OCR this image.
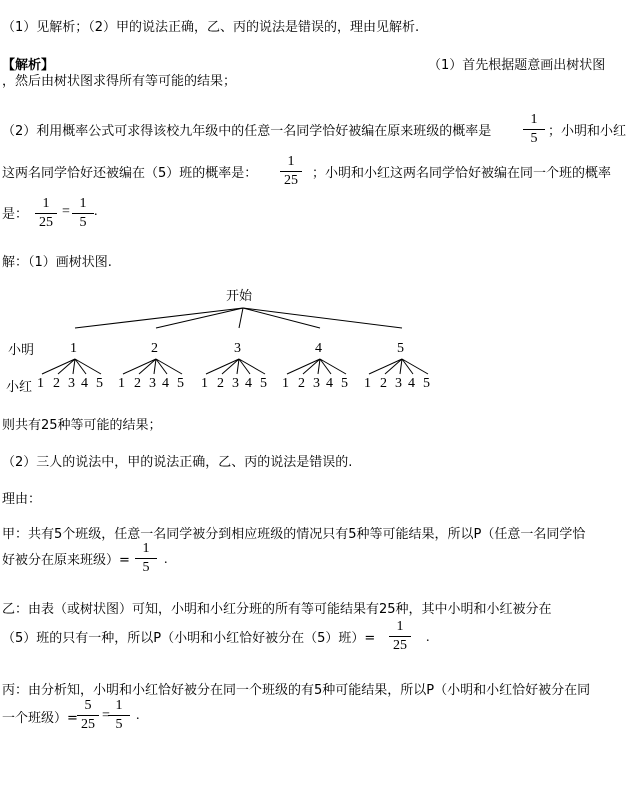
（1）见解析；（2）甲的说法正确，乙、丙的说法是错误的，理由见解析.
【解析】	（1）首先根据题意画出树状图
，然后由树状图求得所有等可能的结果；
（2）利用概率公式可求得该校九年级中的任意一名同学恰好被编在原来班级的概率是
1
5 ；小明和小红
这两名同学恰好还被编在（5）班的概率是：
1
25	；小明和小红这两名同学恰好被编在同一个班的概率
是：
1
25
=
1
5
.
解：（1）画树状图.
开始
小明
小红
1
1 2 3 4 5
2
1 2 3 4 5
3
1 2 3 4 5
4
1 2 3 4 5
5
1 2 3 4 5
则共有25种等可能的结果；
（2）三人的说法中，甲的说法正确，乙、丙的说法是错误的.
理由：
甲：共有5个班级，任意一名同学被分到相应班级的情况只有5种等可能结果，所以P（任意一名同学恰
好被分在原来班级）=
1
5
.
乙：由表（或树状图）可知，小明和小红分班的所有等可能结果有25种，其中小明和小红被分在
（5）班的只有一种，所以P（小明和小红恰好被分在（5）班）=
1
25
.
丙：由分析知，小明和小红恰好被分在同一个班级的有5种可能结果，所以P（小明和小红恰好被分在同
一个班级）=
5
25
=
1
5
.
